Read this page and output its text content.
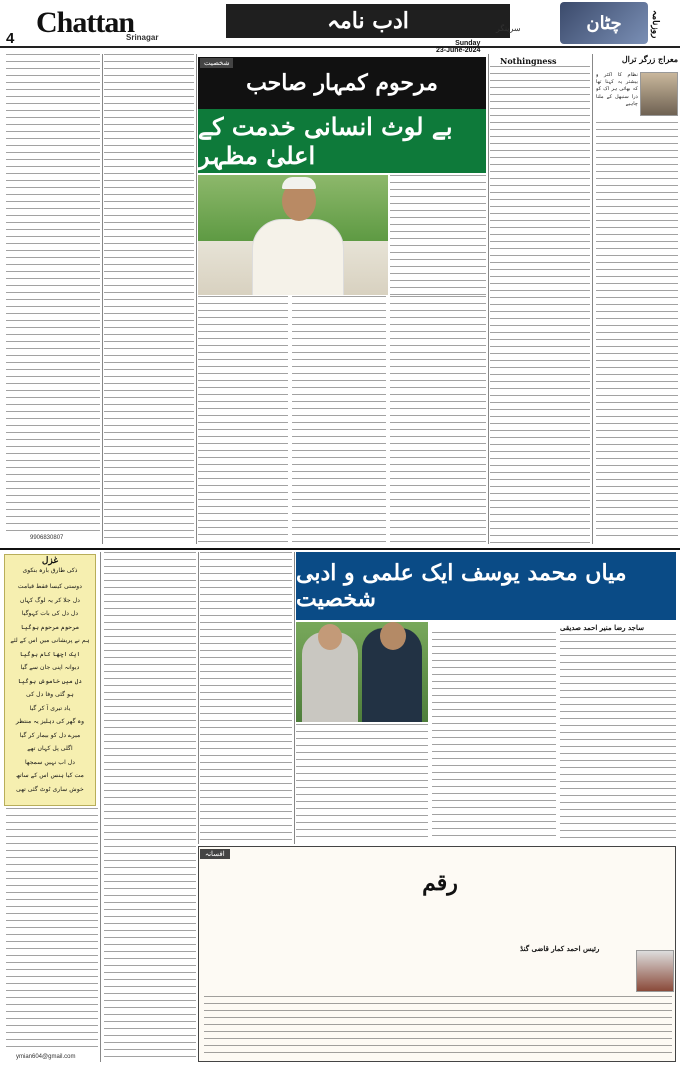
4 Chattan
Srinagar
ادب نامہ
Sunday
23-June-2024
سرینگر	چٹان	روزنامہ
معراج زرگر ترال
نظام کا اکثر و بیشتر یہ کہنا تھا کہ بھائی ہر اک کو ذرا سنبھل کے ملنا چاہیے
Nothingness
مرحوم کمہار صاحب
بے لوث انسانی خدمت کے اعلیٰ مظہر
شخصیت
9906830807
میاں محمد یوسف ایک علمی و ادبی شخصیت
ساجد رضا منیر احمد صدیقی
غزل
ذکی طارق بارہ بنکوی
دوستی کیسا فقط قیامت
دل جلا کر یہ لوگ کہاں
دل دل کی بات کہوگیا
مرحوم مرحوم ہوگیا
ہم نے پریشانی میں اس کے لئے
ایک اچھا کام ہوگیا
دیوانہ اپنی جان سے گیا
دل میں خاموش ہوگیا
ہو گئی وفا دل کی
یاد تیری آ کر گیا
وہ گھر کی دہلیز یہ منتظر
میرے دل کو بیمار کر گیا
اگلی پل کہاں تھے
دل اب نہیں سمجھا
مت کیا ہنس اس کے ساتھ
خوش ساری ٹوٹ گئی تھی
ymian604@gmail.com
افسانہ
رقم
رئیس احمد کمار قاضی گنڈ
